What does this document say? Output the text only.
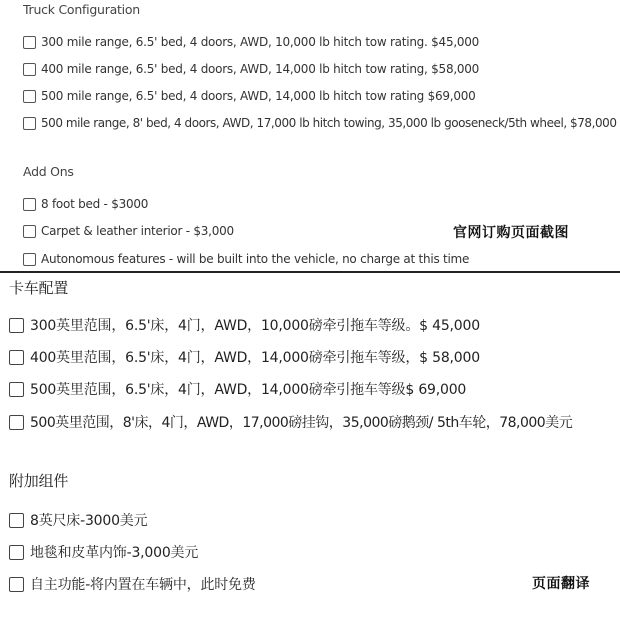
Truck Configuration
300 mile range, 6.5' bed, 4 doors, AWD, 10,000 lb hitch tow rating. $45,000
400 mile range, 6.5' bed, 4 doors, AWD, 14,000 lb hitch tow rating, $58,000
500 mile range, 6.5' bed, 4 doors, AWD, 14,000 lb hitch tow rating $69,000
500 mile range, 8' bed, 4 doors, AWD, 17,000 lb hitch towing, 35,000 lb gooseneck/5th wheel, $78,000
Add Ons
8 foot bed - $3000
Carpet & leather interior - $3,000
Autonomous features - will be built into the vehicle, no charge at this time
官网订购页面截图
卡车配置
300英里范围，6.5'床，4门，AWD，10,000磅牵引拖车等级。$ 45,000
400英里范围，6.5'床，4门，AWD，14,000磅牵引拖车等级，$ 58,000
500英里范围，6.5'床，4门，AWD，14,000磅牵引拖车等级$ 69,000
500英里范围，8'床，4门，AWD，17,000磅挂钩，35,000磅鹅颈/ 5th车轮，78,000美元
附加组件
8英尺床-3000美元
地毯和皮革内饰-3,000美元
自主功能-将内置在车辆中，此时免费	页面翻译
